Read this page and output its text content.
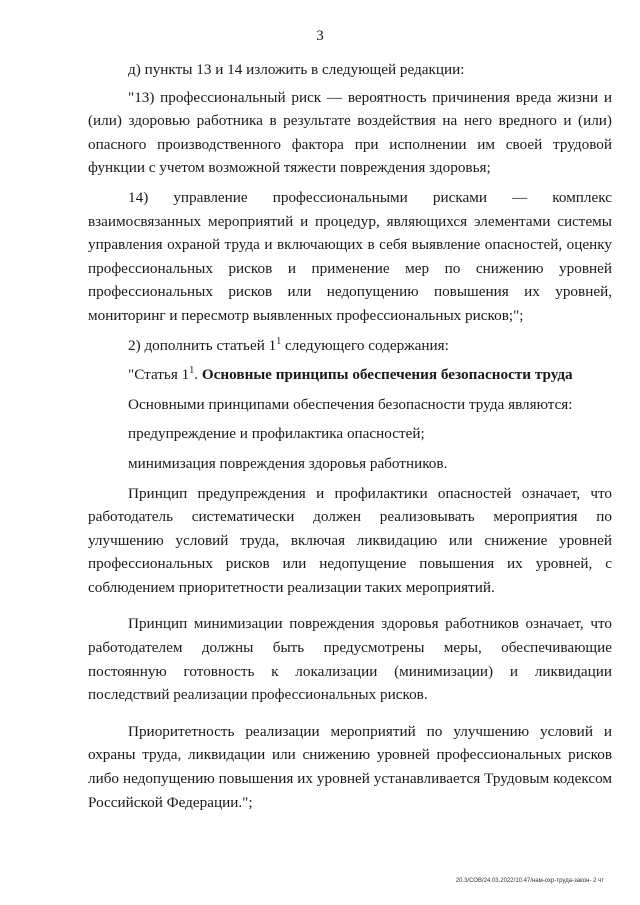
3

д) пункты 13 и 14 изложить в следующей редакции:

"13) профессиональный риск — вероятность причинения вреда жизни и (или) здоровью работника в результате воздействия на него вредного и (или) опасного производственного фактора при исполнении им своей трудовой функции с учетом возможной тяжести повреждения здоровья;

14) управление профессиональными рисками — комплекс взаимосвязанных мероприятий и процедур, являющихся элементами системы управления охраной труда и включающих в себя выявление опасностей, оценку профессиональных рисков и применение мер по снижению уровней профессиональных рисков или недопущению повышения их уровней, мониторинг и пересмотр выявленных профессиональных рисков;";

2) дополнить статьей $1^1$ следующего содержания:

"Статья $1^1$. Основные принципы обеспечения безопасности труда

Основными принципами обеспечения безопасности труда являются:

предупреждение и профилактика опасностей;

минимизация повреждения здоровья работников.

Принцип предупреждения и профилактики опасностей означает, что работодатель систематически должен реализовывать мероприятия по улучшению условий труда, включая ликвидацию или снижение уровней профессиональных рисков или недопущение повышения их уровней, с соблюдением приоритетности реализации таких мероприятий.

Принцип минимизации повреждения здоровья работников означает, что работодателем должны быть предусмотрены меры, обеспечивающие постоянную готовность к локализации (минимизации) и ликвидации последствий реализации профессиональных рисков.

Приоритетность реализации мероприятий по улучшению условий и охраны труда, ликвидации или снижению уровней профессиональных рисков либо недопущению повышения их уровней устанавливается Трудовым кодексом Российской Федерации.";

20.3/СОВ/24.03.2022/10.47/нам-охр-труда-закон- 2 чт
